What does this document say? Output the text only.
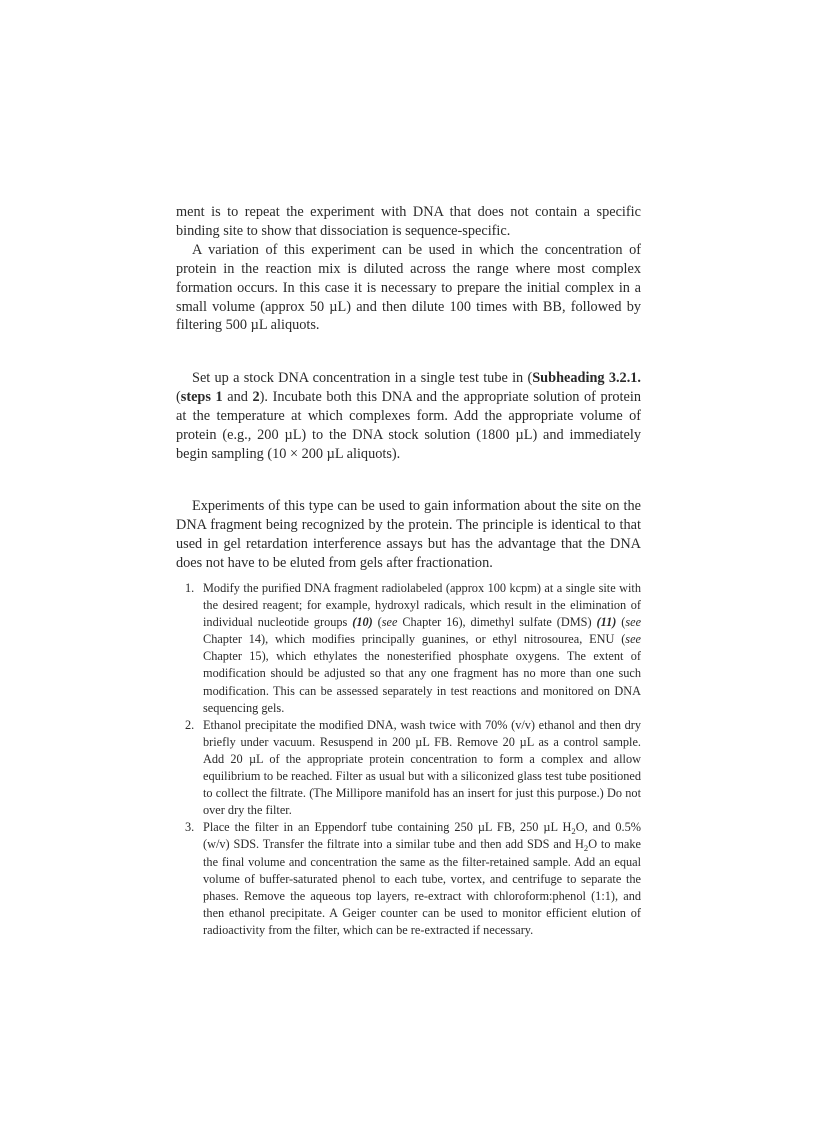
ment is to repeat the experiment with DNA that does not contain a specific binding site to show that dissociation is sequence-specific.

A variation of this experiment can be used in which the concentration of protein in the reaction mix is diluted across the range where most complex formation occurs. In this case it is necessary to prepare the initial complex in a small volume (approx 50 µL) and then dilute 100 times with BB, followed by filtering 500 µL aliquots.

Set up a stock DNA concentration in a single test tube in (Subheading 3.2.1. (steps 1 and 2). Incubate both this DNA and the appropriate solution of protein at the temperature at which complexes form. Add the appropriate volume of protein (e.g., 200 µL) to the DNA stock solution (1800 µL) and immediately begin sampling (10 × 200 µL aliquots).

Experiments of this type can be used to gain information about the site on the DNA fragment being recognized by the protein. The principle is identical to that used in gel retardation interference assays but has the advantage that the DNA does not have to be eluted from gels after fractionation.

1. Modify the purified DNA fragment radiolabeled (approx 100 kcpm) at a single site with the desired reagent; for example, hydroxyl radicals, which result in the elimination of individual nucleotide groups (10) (see Chapter 16), dimethyl sulfate (DMS) (11) (see Chapter 14), which modifies principally guanines, or ethyl nitrosourea, ENU (see Chapter 15), which ethylates the nonesterified phosphate oxygens. The extent of modification should be adjusted so that any one fragment has no more than one such modification. This can be assessed separately in test reactions and monitored on DNA sequencing gels.
2. Ethanol precipitate the modified DNA, wash twice with 70% (v/v) ethanol and then dry briefly under vacuum. Resuspend in 200 µL FB. Remove 20 µL as a control sample. Add 20 µL of the appropriate protein concentration to form a complex and allow equilibrium to be reached. Filter as usual but with a siliconized glass test tube positioned to collect the filtrate. (The Millipore manifold has an insert for just this purpose.) Do not over dry the filter.
3. Place the filter in an Eppendorf tube containing 250 µL FB, 250 µL $H_2O$, and 0.5% (w/v) SDS. Transfer the filtrate into a similar tube and then add SDS and $H_2O$ to make the final volume and concentration the same as the filter-retained sample. Add an equal volume of buffer-saturated phenol to each tube, vortex, and centrifuge to separate the phases. Remove the aqueous top layers, re-extract with chloroform:phenol (1:1), and then ethanol precipitate. A Geiger counter can be used to monitor efficient elution of radioactivity from the filter, which can be re-extracted if necessary.
